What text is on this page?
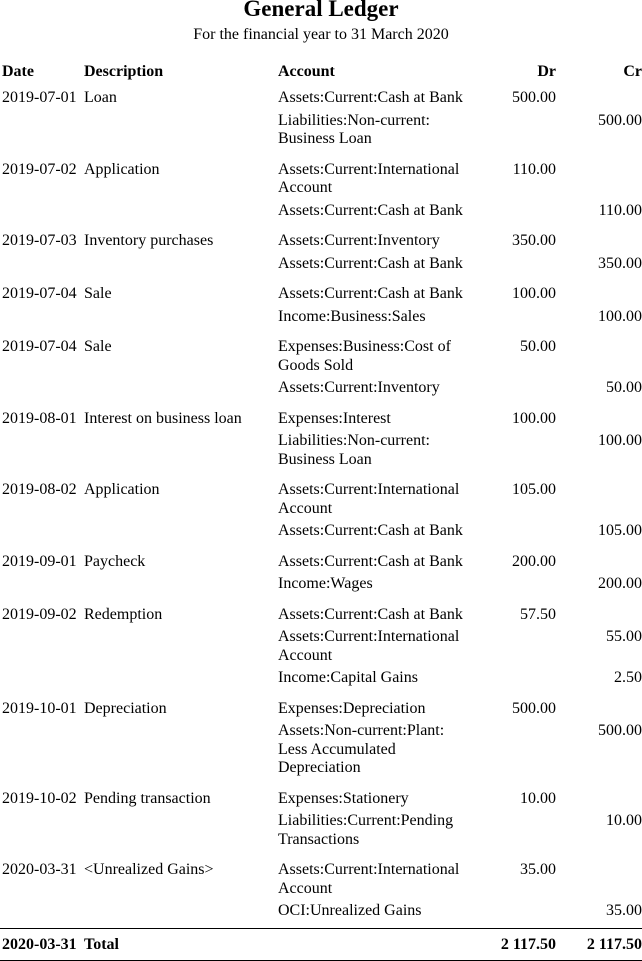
General Ledger
For the financial year to 31 March 2020
Date	Description	Account	Dr	Cr
2019-07-01	Loan	Assets:Current:Cash at Bank	500.00	
		Liabilities:Non-current: Business Loan		500.00
2019-07-02	Application	Assets:Current:International Account	110.00	
		Assets:Current:Cash at Bank		110.00
2019-07-03	Inventory purchases	Assets:Current:Inventory	350.00	
		Assets:Current:Cash at Bank		350.00
2019-07-04	Sale	Assets:Current:Cash at Bank	100.00	
		Income:Business:Sales		100.00
2019-07-04	Sale	Expenses:Business:Cost of Goods Sold	50.00	
		Assets:Current:Inventory		50.00
2019-08-01	Interest on business loan	Expenses:Interest	100.00	
		Liabilities:Non-current: Business Loan		100.00
2019-08-02	Application	Assets:Current:International Account	105.00	
		Assets:Current:Cash at Bank		105.00
2019-09-01	Paycheck	Assets:Current:Cash at Bank	200.00	
		Income:Wages		200.00
2019-09-02	Redemption	Assets:Current:Cash at Bank	57.50	
		Assets:Current:International Account		55.00
		Income:Capital Gains		2.50
2019-10-01	Depreciation	Expenses:Depreciation	500.00	
		Assets:Non-current:Plant: Less Accumulated Depreciation		500.00
2019-10-02	Pending transaction	Expenses:Stationery	10.00	
		Liabilities:Current:Pending Transactions		10.00
2020-03-31	<Unrealized Gains>	Assets:Current:International Account	35.00	
		OCI:Unrealized Gains		35.00
2020-03-31	Total		2 117.50	2 117.50
